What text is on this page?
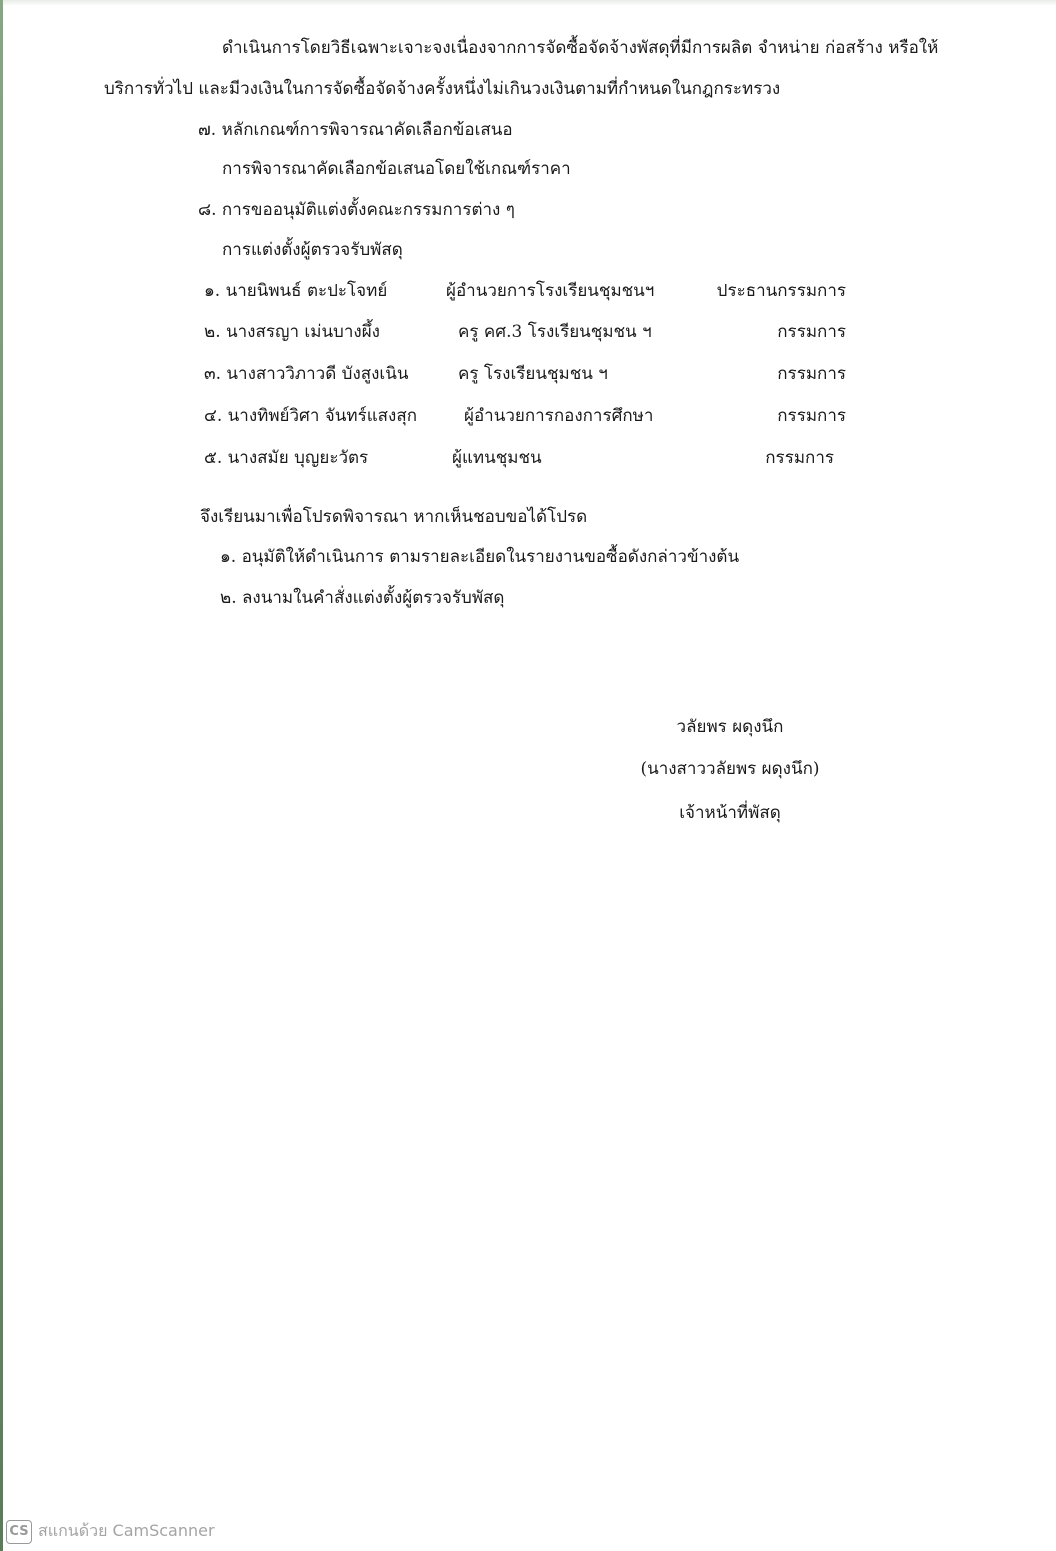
ดำเนินการโดยวิธีเฉพาะเจาะจงเนื่องจากการจัดซื้อจัดจ้างพัสดุที่มีการผลิต จำหน่าย ก่อสร้าง หรือให้
บริการทั่วไป และมีวงเงินในการจัดซื้อจัดจ้างครั้งหนึ่งไม่เกินวงเงินตามที่กำหนดในกฎกระทรวง
๗. หลักเกณฑ์การพิจารณาคัดเลือกข้อเสนอ
การพิจารณาคัดเลือกข้อเสนอโดยใช้เกณฑ์ราคา
๘. การขออนุมัติแต่งตั้งคณะกรรมการต่าง ๆ
การแต่งตั้งผู้ตรวจรับพัสดุ
๑. นายนิพนธ์ ตะปะโจทย์	ผู้อำนวยการโรงเรียนชุมชนฯ	ประธานกรรมการ
๒. นางสรญา เม่นบางผึ้ง	ครู คศ.3 โรงเรียนชุมชน ฯ	กรรมการ
๓. นางสาววิภาวดี บังสูงเนิน	ครู โรงเรียนชุมชน ฯ	กรรมการ
๔. นางทิพย์วิศา จันทร์แสงสุก	ผู้อำนวยการกองการศึกษา	กรรมการ
๕. นางสมัย บุญยะวัตร	ผู้แทนชุมชน	กรรมการ
จึงเรียนมาเพื่อโปรดพิจารณา หากเห็นชอบขอได้โปรด
๑. อนุมัติให้ดำเนินการ ตามรายละเอียดในรายงานขอซื้อดังกล่าวข้างต้น
๒. ลงนามในคำสั่งแต่งตั้งผู้ตรวจรับพัสดุ
วลัยพร ผดุงนึก
(นางสาววลัยพร ผดุงนึก)
เจ้าหน้าที่พัสดุ
CS สแกนด้วย CamScanner
